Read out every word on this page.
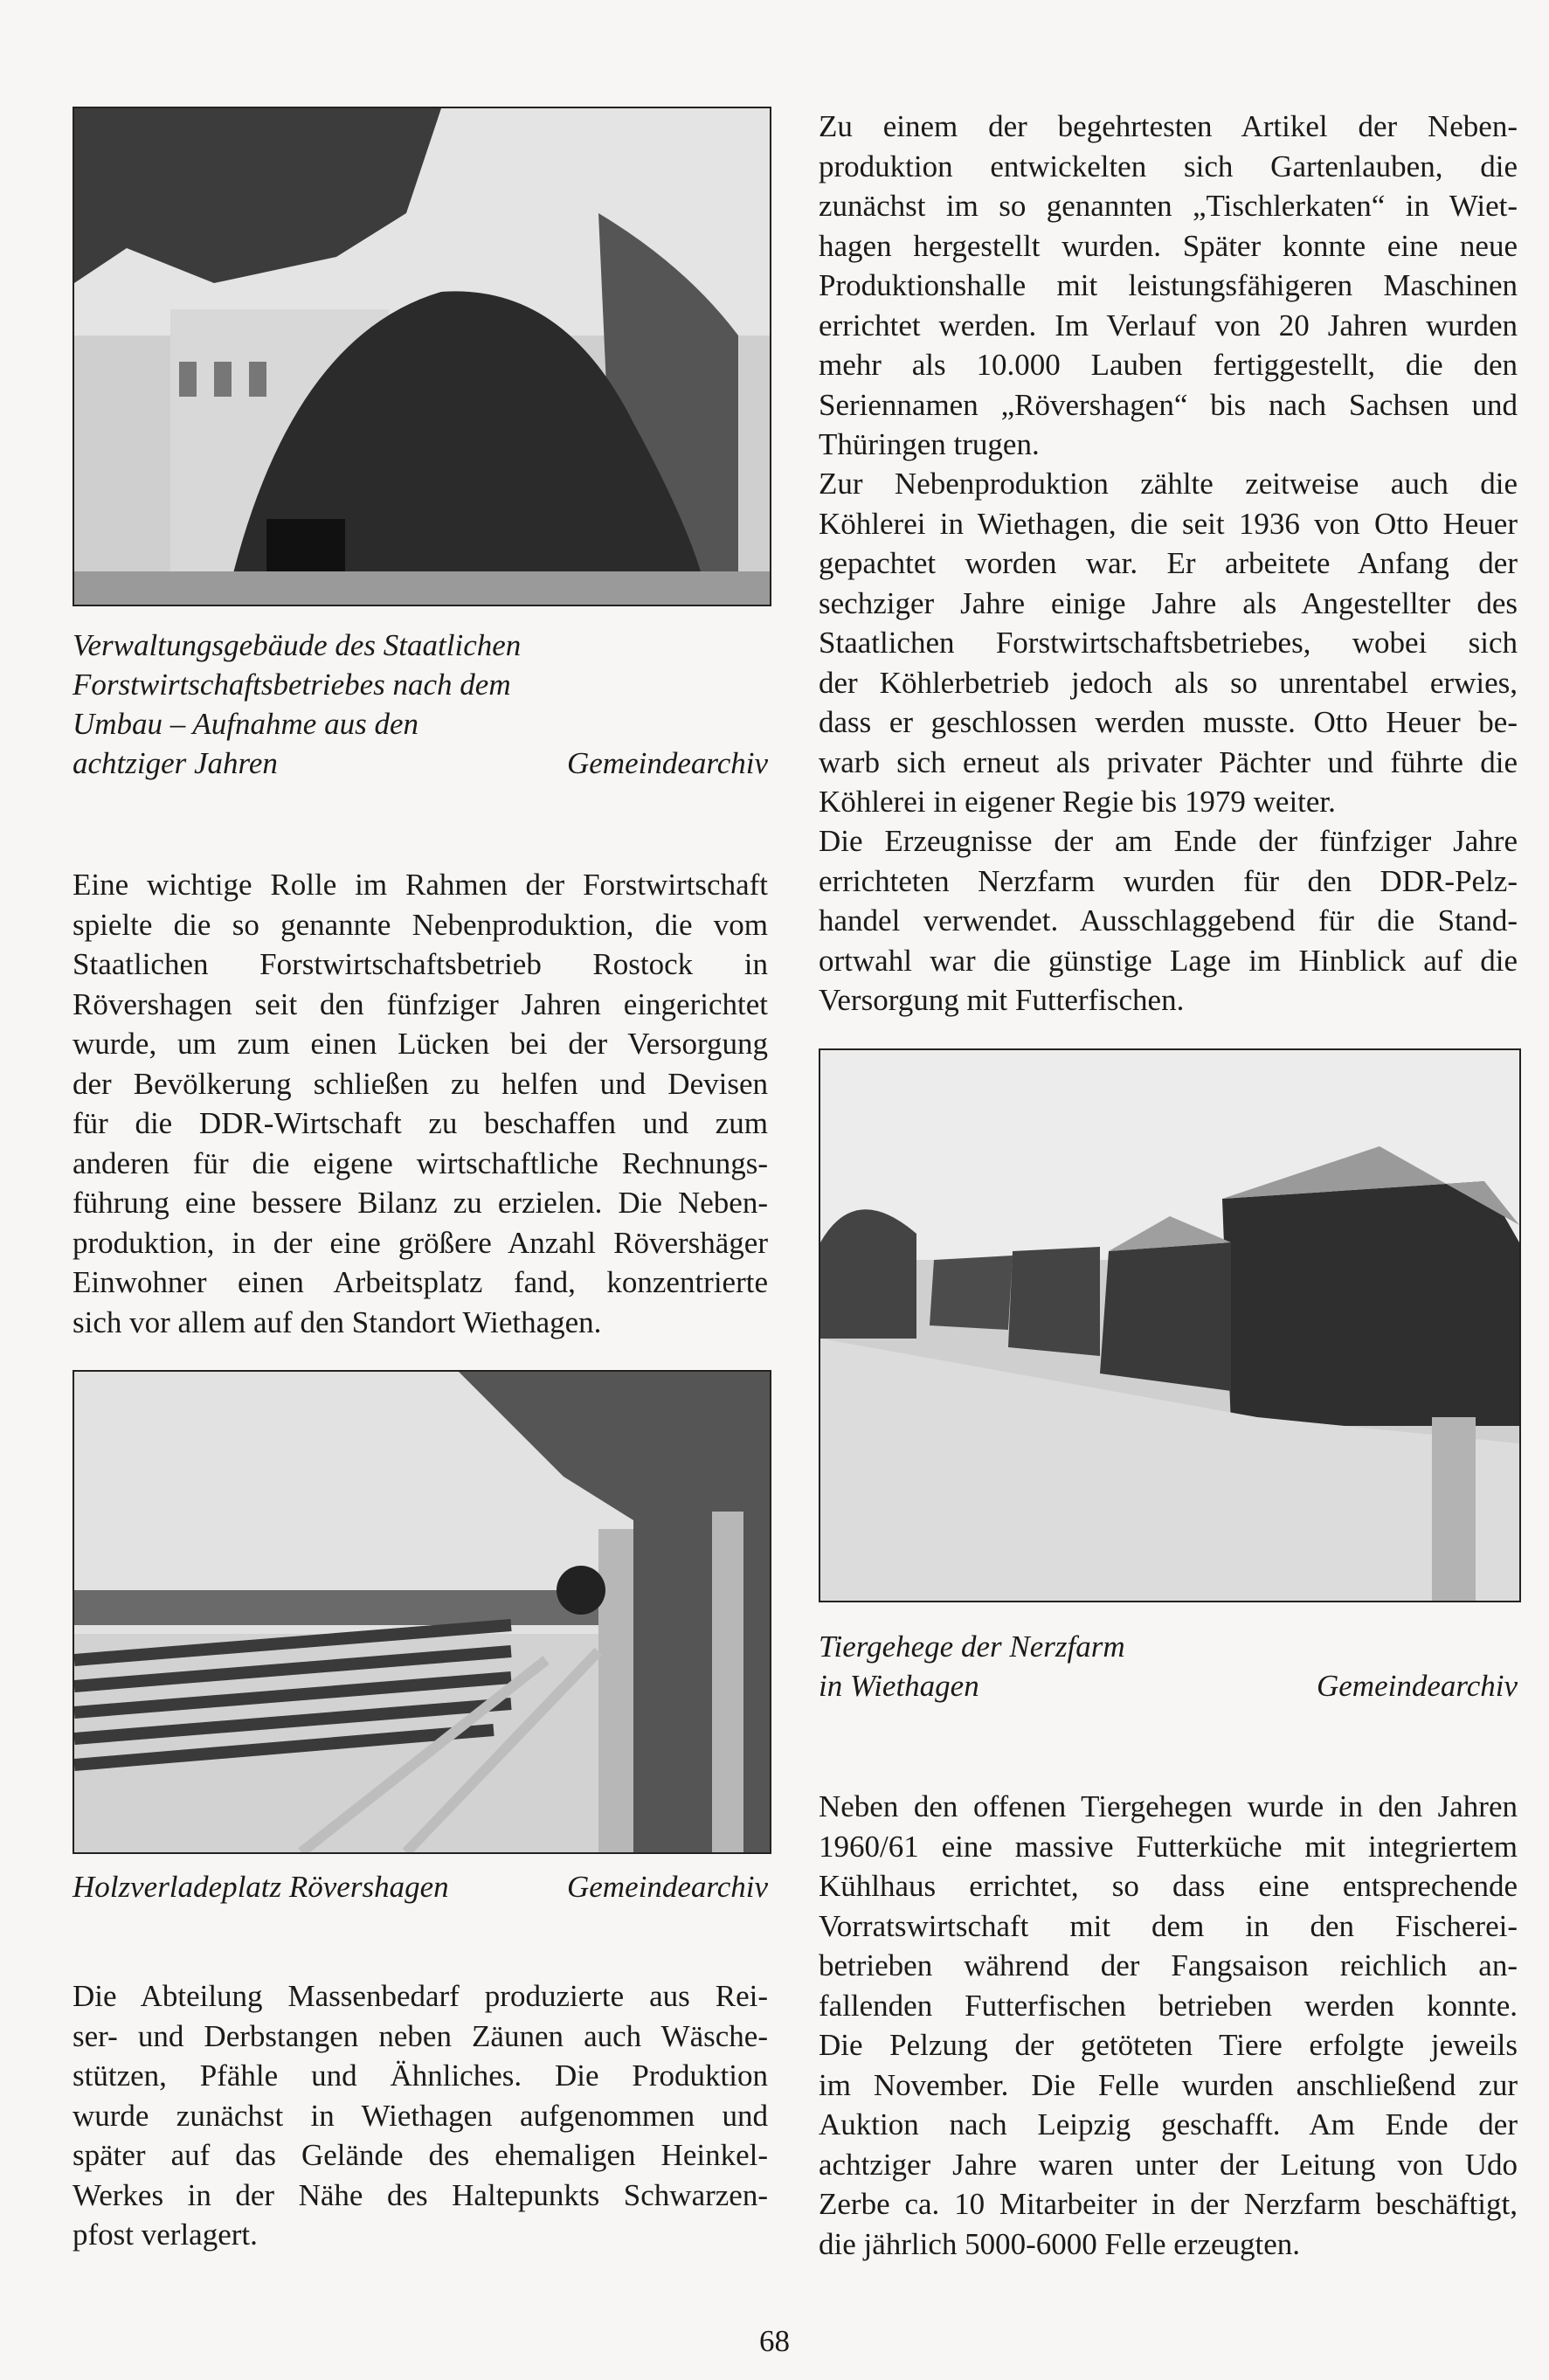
Verwaltungsgebäude des Staatlichen
Forstwirtschaftsbetriebes nach dem
Umbau – Aufnahme aus den
achtziger Jahren	Gemeindearchiv

Eine wichtige Rolle im Rahmen der Forstwirtschaft
spielte die so genannte Nebenproduktion, die vom
Staatlichen Forstwirtschaftsbetrieb Rostock in
Rövershagen seit den fünfziger Jahren eingerichtet
wurde, um zum einen Lücken bei der Versorgung
der Bevölkerung schließen zu helfen und Devisen
für die DDR-Wirtschaft zu beschaffen und zum
anderen für die eigene wirtschaftliche Rechnungs-
führung eine bessere Bilanz zu erzielen. Die Neben-
produktion, in der eine größere Anzahl Rövershäger
Einwohner einen Arbeitsplatz fand, konzentrierte
sich vor allem auf den Standort Wiethagen.

Holzverladeplatz Rövershagen	Gemeindearchiv

Die Abteilung Massenbedarf produzierte aus Rei-
ser- und Derbstangen neben Zäunen auch Wäsche-
stützen, Pfähle und Ähnliches. Die Produktion
wurde zunächst in Wiethagen aufgenommen und
später auf das Gelände des ehemaligen Heinkel-
Werkes in der Nähe des Haltepunkts Schwarzen-
pfost verlagert.

Zu einem der begehrtesten Artikel der Neben-
produktion entwickelten sich Gartenlauben, die
zunächst im so genannten „Tischlerkaten“ in Wiet-
hagen hergestellt wurden. Später konnte eine neue
Produktionshalle mit leistungsfähigeren Maschinen
errichtet werden. Im Verlauf von 20 Jahren wurden
mehr als 10.000 Lauben fertiggestellt, die den
Seriennamen „Rövershagen“ bis nach Sachsen und
Thüringen trugen.

Zur Nebenproduktion zählte zeitweise auch die
Köhlerei in Wiethagen, die seit 1936 von Otto Heuer
gepachtet worden war. Er arbeitete Anfang der
sechziger Jahre einige Jahre als Angestellter des
Staatlichen Forstwirtschaftsbetriebes, wobei sich
der Köhlerbetrieb jedoch als so unrentabel erwies,
dass er geschlossen werden musste. Otto Heuer be-
warb sich erneut als privater Pächter und führte die
Köhlerei in eigener Regie bis 1979 weiter.

Die Erzeugnisse der am Ende der fünfziger Jahre
errichteten Nerzfarm wurden für den DDR-Pelz-
handel verwendet. Ausschlaggebend für die Stand-
ortwahl war die günstige Lage im Hinblick auf die
Versorgung mit Futterfischen.

Tiergehege der Nerzfarm
in Wiethagen	Gemeindearchiv

Neben den offenen Tiergehegen wurde in den Jahren
1960/61 eine massive Futterküche mit integriertem
Kühlhaus errichtet, so dass eine entsprechende
Vorratswirtschaft mit dem in den Fischerei-
betrieben während der Fangsaison reichlich an-
fallenden Futterfischen betrieben werden konnte.
Die Pelzung der getöteten Tiere erfolgte jeweils
im November. Die Felle wurden anschließend zur
Auktion nach Leipzig geschafft. Am Ende der
achtziger Jahre waren unter der Leitung von Udo
Zerbe ca. 10 Mitarbeiter in der Nerzfarm beschäftigt,
die jährlich 5000-6000 Felle erzeugten.

68
